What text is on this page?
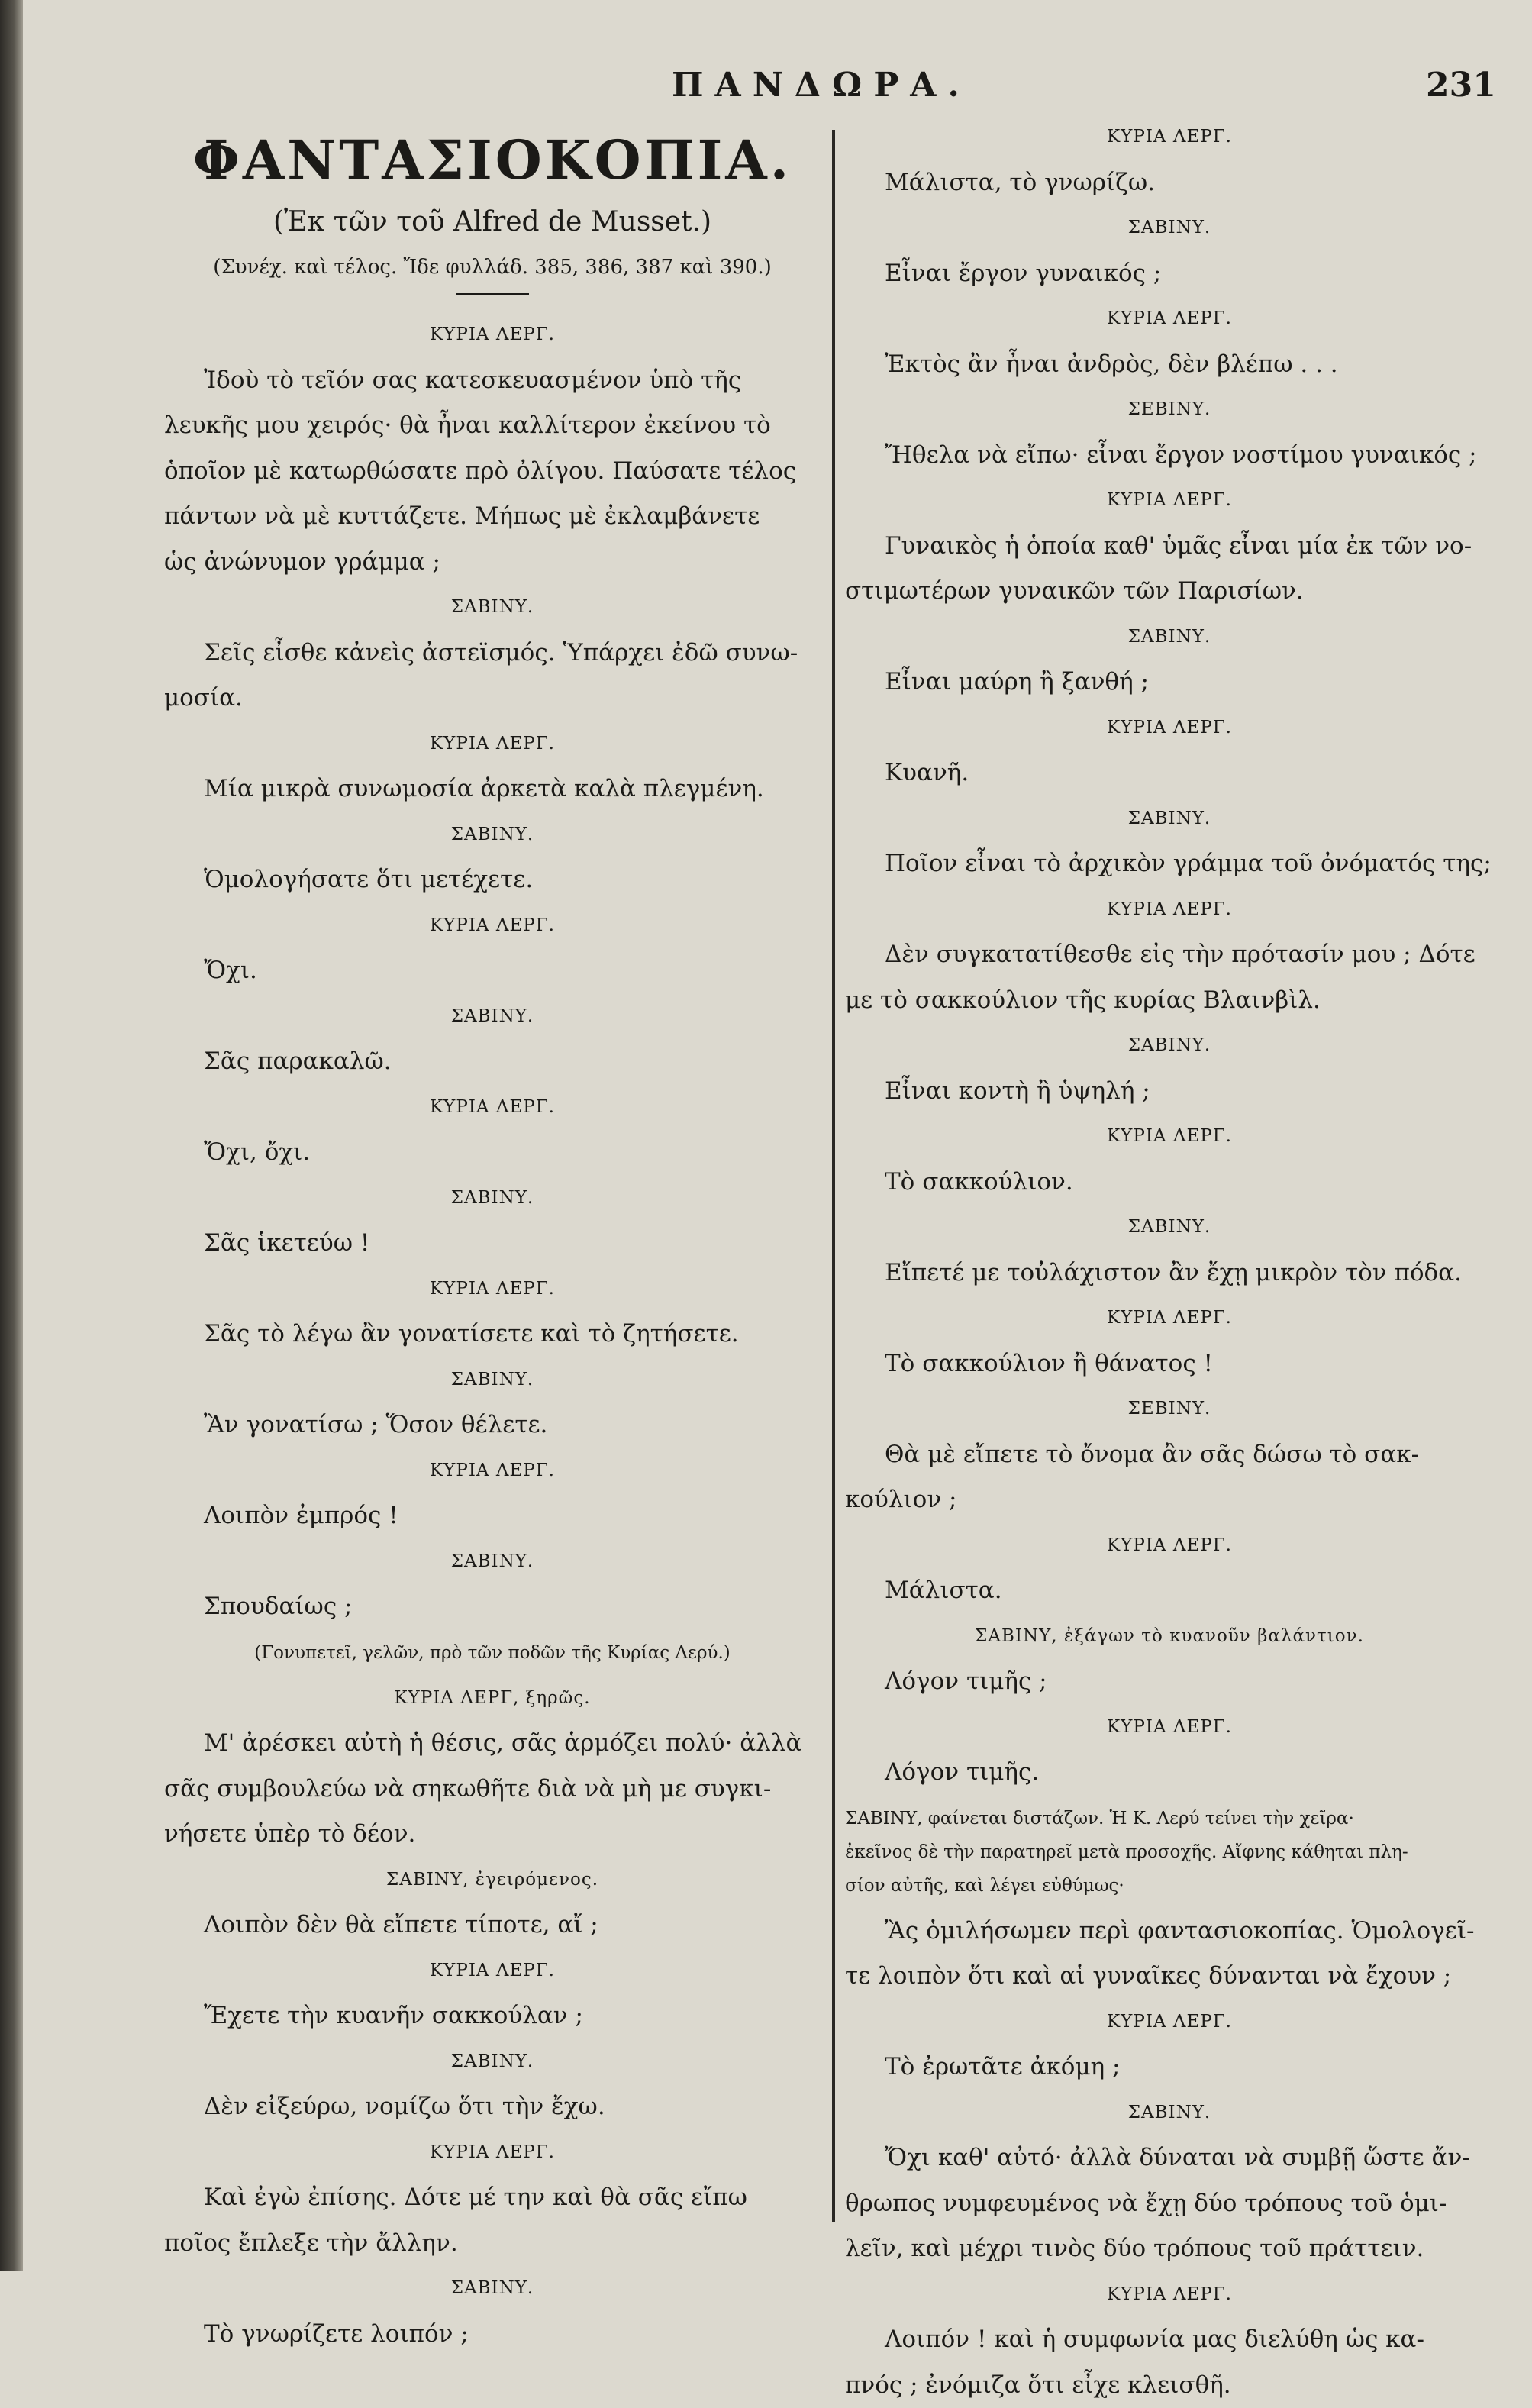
ΠΑΝΔΩΡΑ.	231
ΦΑΝΤΑΣΙΟΚΟΠΙΑ.
(Ἐκ τῶν τοῦ Alfred de Musset.)
(Συνέχ. καὶ τέλος. Ἴδε φυλλάδ. 385, 386, 387 καὶ 390.)

ΚΥΡΙΑ ΛΕΡΓ.

Ἰδοὺ τὸ τεῖόν σας κατεσκευασμένον ὑπὸ τῆς

λευκῆς μου χειρός· θὰ ἦναι καλλίτερον ἐκείνου τὸ

ὁποῖον μὲ κατωρθώσατε πρὸ ὀλίγου. Παύσατε τέλος

πάντων νὰ μὲ κυττάζετε. Μήπως μὲ ἐκλαμβάνετε

ὡς ἀνώνυμον γράμμα ;

ΣΑΒΙΝΥ.

Σεῖς εἶσθε κἀνεὶς ἀστεϊσμός. Ὑπάρχει ἐδῶ συνω-

μοσία.

ΚΥΡΙΑ ΛΕΡΓ.

Μία μικρὰ συνωμοσία ἀρκετὰ καλὰ πλεγμένη.

ΣΑΒΙΝΥ.

Ὁμολογήσατε ὅτι μετέχετε.

ΚΥΡΙΑ ΛΕΡΓ.

Ὄχι.

ΣΑΒΙΝΥ.

Σᾶς παρακαλῶ.

ΚΥΡΙΑ ΛΕΡΓ.

Ὄχι, ὄχι.

ΣΑΒΙΝΥ.

Σᾶς ἱκετεύω !

ΚΥΡΙΑ ΛΕΡΓ.

Σᾶς τὸ λέγω ἂν γονατίσετε καὶ τὸ ζητήσετε.

ΣΑΒΙΝΥ.

Ἂν γονατίσω ; Ὅσον θέλετε.

ΚΥΡΙΑ ΛΕΡΓ.

Λοιπὸν ἐμπρός !

ΣΑΒΙΝΥ.

Σπουδαίως ;

(Γονυπετεῖ, γελῶν, πρὸ τῶν ποδῶν τῆς Κυρίας Λερύ.)

ΚΥΡΙΑ ΛΕΡΓ, ξηρῶς.

Μ' ἀρέσκει αὐτὴ ἡ θέσις, σᾶς ἁρμόζει πολύ· ἀλλὰ

σᾶς συμβουλεύω νὰ σηκωθῆτε διὰ νὰ μὴ με συγκι-

νήσετε ὑπὲρ τὸ δέον.

ΣΑΒΙΝΥ, ἐγειρόμενος.

Λοιπὸν δὲν θὰ εἴπετε τίποτε, αἴ ;

ΚΥΡΙΑ ΛΕΡΓ.

Ἔχετε τὴν κυανῆν σακκούλαν ;

ΣΑΒΙΝΥ.

Δὲν εἰξεύρω, νομίζω ὅτι τὴν ἔχω.

ΚΥΡΙΑ ΛΕΡΓ.

Καὶ ἐγὼ ἐπίσης. Δότε μέ την καὶ θὰ σᾶς εἴπω

ποῖος ἔπλεξε τὴν ἄλλην.

ΣΑΒΙΝΥ.

Τὸ γνωρίζετε λοιπόν ;

ΚΥΡΙΑ ΛΕΡΓ.

Μάλιστα, τὸ γνωρίζω.

ΣΑΒΙΝΥ.

Εἶναι ἔργον γυναικός ;

ΚΥΡΙΑ ΛΕΡΓ.

Ἐκτὸς ἂν ἦναι ἀνδρὸς, δὲν βλέπω . . .

ΣΕΒΙΝΥ.

Ἤθελα νὰ εἴπω· εἶναι ἔργον νοστίμου γυναικός ;

ΚΥΡΙΑ ΛΕΡΓ.

Γυναικὸς ἡ ὁποία καθ' ὑμᾶς εἶναι μία ἐκ τῶν νο-

στιμωτέρων γυναικῶν τῶν Παρισίων.

ΣΑΒΙΝΥ.

Εἶναι μαύρη ἢ ξανθή ;

ΚΥΡΙΑ ΛΕΡΓ.

Κυανῆ.

ΣΑΒΙΝΥ.

Ποῖον εἶναι τὸ ἀρχικὸν γράμμα τοῦ ὀνόματός της;

ΚΥΡΙΑ ΛΕΡΓ.

Δὲν συγκατατίθεσθε εἰς τὴν πρότασίν μου ; Δότε

με τὸ σακκούλιον τῆς κυρίας Βλαινβὶλ.

ΣΑΒΙΝΥ.

Εἶναι κοντὴ ἢ ὑψηλή ;

ΚΥΡΙΑ ΛΕΡΓ.

Τὸ σακκούλιον.

ΣΑΒΙΝΥ.

Εἴπετέ με τοὐλάχιστον ἂν ἔχῃ μικρὸν τὸν πόδα.

ΚΥΡΙΑ ΛΕΡΓ.

Τὸ σακκούλιον ἢ θάνατος !

ΣΕΒΙΝΥ.

Θὰ μὲ εἴπετε τὸ ὄνομα ἂν σᾶς δώσω τὸ σακ-

κούλιον ;

ΚΥΡΙΑ ΛΕΡΓ.

Μάλιστα.

ΣΑΒΙΝΥ, ἐξάγων τὸ κυανοῦν βαλάντιον.

Λόγον τιμῆς ;

ΚΥΡΙΑ ΛΕΡΓ.

Λόγον τιμῆς.

ΣΑΒΙΝΥ, φαίνεται διστάζων. Ἡ Κ. Λερύ τείνει τὴν χεῖρα·
ἐκεῖνος δὲ τὴν παρατηρεῖ μετὰ προσοχῆς. Αἴφνης κάθηται πλη-
σίον αὐτῆς, καὶ λέγει εὐθύμως·

Ἂς ὁμιλήσωμεν περὶ φαντασιοκοπίας. Ὁμολογεῖ-

τε λοιπὸν ὅτι καὶ αἱ γυναῖκες δύνανται νὰ ἔχουν ;

ΚΥΡΙΑ ΛΕΡΓ.

Τὸ ἐρωτᾶτε ἀκόμη ;

ΣΑΒΙΝΥ.

Ὄχι καθ' αὐτό· ἀλλὰ δύναται νὰ συμβῇ ὥστε ἄν-

θρωπος νυμφευμένος νὰ ἔχῃ δύο τρόπους τοῦ ὁμι-

λεῖν, καὶ μέχρι τινὸς δύο τρόπους τοῦ πράττειν.

ΚΥΡΙΑ ΛΕΡΓ.

Λοιπόν ! καὶ ἡ συμφωνία μας διελύθη ὡς κα-

πνός ; ἐνόμιζα ὅτι εἶχε κλεισθῆ.
